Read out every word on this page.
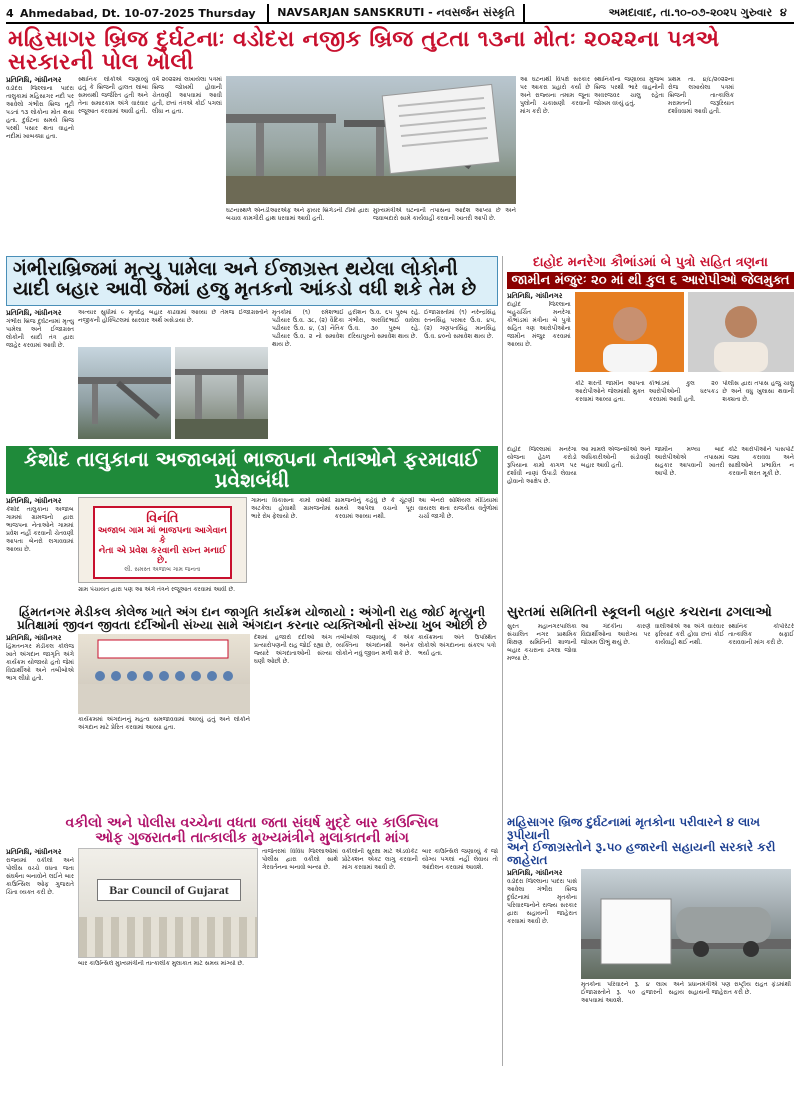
4 Ahmedabad, Dt. 10-07-2025 Thursday	NAVSARJAN SANSKRUTI - નવસર્જન સંસ્કૃતિ	અમદાવાદ, તા.૧૦-૦૭-૨૦૨૫ ગુરુવાર ૪
મહિસાગર બ્રિજ દુર્ઘટનાઃ વડોદરા નજીક બ્રિજ તુટતા ૧૩ના મોતઃ ૨૦૨૨ના પત્રએ સરકારની પોલ ખોલી
પ્રતિનિધિ, ગાંધીનગર
વડોદરા જિલ્લાના પાદરા તાલુકામાં મહિસાગર નદી પર આવેલો ગંભીરા બ્રિજ તૂટી પડતાં ૧૩ લોકોના મોત થયા હતા. દુર્ઘટના સમયે બ્રિજ પરથી પસાર થતા વાહનો નદીમાં ખાબક્યા હતા.
સ્થાનિક લોકોએ જણાવ્યું હતું કે બ્રિજની હાલત લાંબા સમયથી જર્જરિત હતી અને તેના સમારકામ અંગે વારંવાર રજૂઆત કરવામાં આવી હતી.
વર્ષ ૨૦૨૨માં લખાયેલા પત્રમાં બ્રિજ જોખમી હોવાની ચેતવણી આપવામાં આવી હતી, છતાં તંત્રએ કોઈ પગલાં લીધા ન હતા.
ઘટનાસ્થળે એનડીઆરએફ અને ફાયર બ્રિગેડની ટીમો દ્વારા બચાવ કામગીરી હાથ ધરવામાં આવી હતી.
મુખ્યમંત્રીએ ઘટનાની તપાસના આદેશ આપ્યા છે અને જવાબદારો સામે કાર્યવાહી કરવાની ખાતરી આપી છે.
આ ઘટનાથી વિપક્ષે સરકાર પર આકરા પ્રહારો કર્યા છે અને રાજ્યના તમામ જૂના પુલોની ચકાસણી કરવાની માંગ કરી છે.
સ્થાનિકોના જણાવ્યા મુજબ બ્રિજ પરથી ભારે વાહનોની અવરજવર ચાલુ રહેતા જોખમ વધ્યું હતું.
પ્રથમ તા. ૪/૮/૨૦૨૨ના રોજ લખાયેલા પત્રમાં બ્રિજની તાત્કાલિક મરામતની જરૂરિયાત દર્શાવવામાં આવી હતી.
ગંભીરાબ્રિજમાં મૃત્યુ પામેલા અને ઈજાગ્રસ્ત થયેલા લોકોની યાદી બહાર આવી જેમાં હજુ મૃતકનો આંકડો વધી શકે તેમ છે
પ્રતિનિધિ, ગાંધીનગર
ગંભીરા બ્રિજ દુર્ઘટનામાં મૃત્યુ પામેલા અને ઈજાગ્રસ્ત લોકોની યાદી તંત્ર દ્વારા જાહેર કરવામાં આવી છે.
અત્યાર સુધીમાં ૯ મૃતદેહ બહાર કાઢવામાં આવ્યા છે તેમજ ઈજાગ્રસ્તોને નજીકની હોસ્પિટલમાં સારવાર અર્થે ખસેડાયા છે.
મૃતકોમાં (૧) રમેશભાઈ પઢીયાર ઉ.વ. ૩૮, (૨) વૈદિકા પઢીયાર ઉ.વ. ૪, (૩) નૈતિક પઢીયાર ઉ.વ. ૨ નો સમાવેશ થાય છે.
હરીશન ઉ.વ. ૬૫ પુરુષ રહે. ગંભીરા, અરવિંદભાઈ વાઘેલા ઉ.વ. ૩૦ પુરુષ રહે. દરિયાપુરનો સમાવેશ થાય છે.
ઈજાગ્રસ્તોમાં (૧) નરેન્દ્રસિંહ રતનસિંહ પરમાર ઉ.વ. ૪૫, (૨) ગણપતસિંહ માનસિંહ ઉ.વ. ૪૦નો સમાવેશ થાય છે.
દાહોદ મનરેગા કૌભાંડમાં બે પુત્રો સહિત ત્રણના
જામીન મંજુરઃ ૨૦ માં થી કુલ ૬ આરોપીઓ જેલમુક્ત
પ્રતિનિધિ, ગાંધીનગર
દાહોદ જિલ્લાના બહુચર્ચિત મનરેગા કૌભાંડમાં મંત્રીના બે પુત્રો સહિત ત્રણ આરોપીઓના જામીન મંજુર કરવામાં આવ્યા છે.
કોર્ટે શરતી જામીન આપતા આરોપીઓને જેલમાંથી મુક્ત કરવામાં આવ્યા હતા.
કૌભાંડમાં કુલ ૨૦ આરોપીઓની ધરપકડ કરવામાં આવી હતી.
પોલીસ દ્વારા તપાસ હજુ ચાલુ છે અને વધુ ખુલાસા થવાની શક્યતા છે.
કેશોદ તાલુકાના અજાબમાં ભાજપના નેતાઓને ફરમાવાઈ પ્રવેશબંધી
પ્રતિનિધિ, ગાંધીનગર
કેશોદ તાલુકાના અજાબ ગામમાં ગ્રામજનો દ્વારા ભાજપના નેતાઓને ગામમાં પ્રવેશ નહીં કરવાની ચેતવણી આપતા બેનરો લગાવવામાં આવ્યા છે.
વિનંતિ
અજાબ ગામ માં ભાજપના આગેવાન કે
નેતા એ પ્રવેશ કરવાની સખ્ત મનાઈ છે.
લી. સમસ્ત અજાબ ગામ જનતા
ગામના વિકાસના કામો વર્ષોથી અટકેલા હોવાથી ગ્રામજનોમાં ભારે રોષ ફેલાયો છે.
ગ્રામજનોનું કહેવું છે કે ચૂંટણી સમયે આપેલા વચનો પૂરા કરવામાં આવ્યા નથી.
આ બેનરો સોશિયલ મીડિયામાં વાયરલ થતા રાજકીય વર્તુળોમાં ચર્ચા જાગી છે.
ગ્રામ પંચાયત દ્વારા પણ આ અંગે તંત્રને રજૂઆત કરવામાં આવી છે.
દાહોદ જિલ્લામાં મનરેગા યોજના હેઠળ કરોડો રૂપિયાના કામો કાગળ પર દર્શાવી નાણાં ઉપાડી લેવાયા હોવાનો આક્ષેપ છે.
આ મામલે એજન્સીઓ અને અધિકારીઓની સંડોવણી બહાર આવી હતી.
જામીન મળ્યા બાદ આરોપીઓએ તપાસમાં સહકાર આપવાની ખાતરી આપી છે.
કોર્ટે આરોપીઓને પાસપોર્ટ જમા કરાવવા અને સાક્ષીઓને પ્રભાવિત ન કરવાની શરત મૂકી છે.
હિંમતનગર મેડીકલ કોલેજ ખાતે અંગ દાન જાગૃતિ કાર્યક્રમ યોજાયો : અંગોની રાહ જોઈ મૃત્યુની
પ્રતિક્ષામાં જીવન જીવતા દર્દીઓની સંખ્યા સામે અંગદાન કરનાર વ્યક્તિઓની સંખ્યા ખુબ ઓછી છે
પ્રતિનિધિ, ગાંધીનગર
હિંમતનગર મેડીકલ કોલેજ ખાતે અંગદાન જાગૃતિ અંગે કાર્યક્રમ યોજાયો હતો જેમાં વિદ્યાર્થીઓ અને તબીબોએ ભાગ લીધો હતો.
કાર્યક્રમમાં અંગદાનનું મહત્વ સમજાવવામાં આવ્યું હતું અને લોકોને અંગદાન માટે પ્રેરિત કરવામાં આવ્યા હતા.
દેશમાં હજારો દર્દીઓ અંગ પ્રત્યારોપણની રાહ જોઈ રહ્યા છે, જ્યારે અંગદાતાઓની સંખ્યા ઘણી ઓછી છે.
તબીબોએ જણાવ્યું કે એક વ્યક્તિના અંગદાનથી અનેક લોકોને નવું જીવન મળી શકે છે.
કાર્યક્રમના અંતે ઉપસ્થિત લોકોએ અંગદાનના સંકલ્પ પત્રો ભર્યા હતા.
સુરતમાં સમિતિની સ્કૂલની બહાર કચરાના ઢગલાઓ
સુરત મહાનગરપાલિકા સંચાલિત નગર પ્રાથમિક શિક્ષણ સમિતિની શાળાની બહાર કચરાના ઢગલા જોવા મળ્યા છે.
આ ગંદકીના કારણે વિદ્યાર્થીઓના આરોગ્ય પર જોખમ ઊભું થયું છે.
વાલીઓએ આ અંગે વારંવાર ફરિયાદ કરી હોવા છતાં કોઈ કાર્યવાહી થઈ નથી.
સ્થાનિક કોર્પોરેટરે તાત્કાલિક સફાઈ કરાવવાની માંગ કરી છે.
વકીલો અને પોલીસ વચ્ચેના વધતા જતા સંઘર્ષ મુદ્દે બાર કાઉન્સિલ
ઓફ ગુજરાતની તાત્કાલીક મુખ્યમંત્રીને મુલાકાતની માંગ
પ્રતિનિધિ, ગાંધીનગર
રાજ્યમાં વકીલો અને પોલીસ વચ્ચે વધતા જતા સંઘર્ષના બનાવોને લઈને બાર કાઉન્સિલ ઓફ ગુજરાતે ચિંતા વ્યક્ત કરી છે.	Bar Council of Gujarat
બાર કાઉન્સિલે મુખ્યમંત્રીની તાત્કાલીક મુલાકાત માટે સમય માંગ્યો છે.
તાજેતરમાં વિવિધ જિલ્લાઓમાં પોલીસ દ્વારા વકીલો સાથે ગેરવર્તનના બનાવો બન્યા છે.
વકીલોની સુરક્ષા માટે એડવોકેટ પ્રોટેક્શન એક્ટ લાગુ કરવાની માંગ કરવામાં આવી છે.
બાર કાઉન્સિલે જણાવ્યું કે જો યોગ્ય પગલાં નહીં લેવાય તો આંદોલન કરવામાં આવશે.
મહિસાગર બ્રિજ દુર્ઘટનામાં મૃતકોના પરીવારને ૪ લાખ રૂપીયાની
અને ઈજાગ્રસ્તોને રૂ.૫૦ હજારની સહાયની સરકારે કરી જાહેરાત
પ્રતિનિધિ, ગાંધીનગર
વડોદરા જિલ્લાના પાદરા પાસે આવેલા ગંભીરા બ્રિજ દુર્ઘટનામાં મૃતકોના પરિવારજનોને રાજ્ય સરકાર દ્વારા સહાયની જાહેરાત કરવામાં આવી છે.
મૃતકોના પરિવારને રૂ. ૪ લાખ અને ઈજાગ્રસ્તોને રૂ. ૫૦ હજારની સહાય આપવામાં આવશે.
પ્રધાનમંત્રીએ પણ રાષ્ટ્રીય રાહત ફંડમાંથી સહાયની જાહેરાત કરી છે.
